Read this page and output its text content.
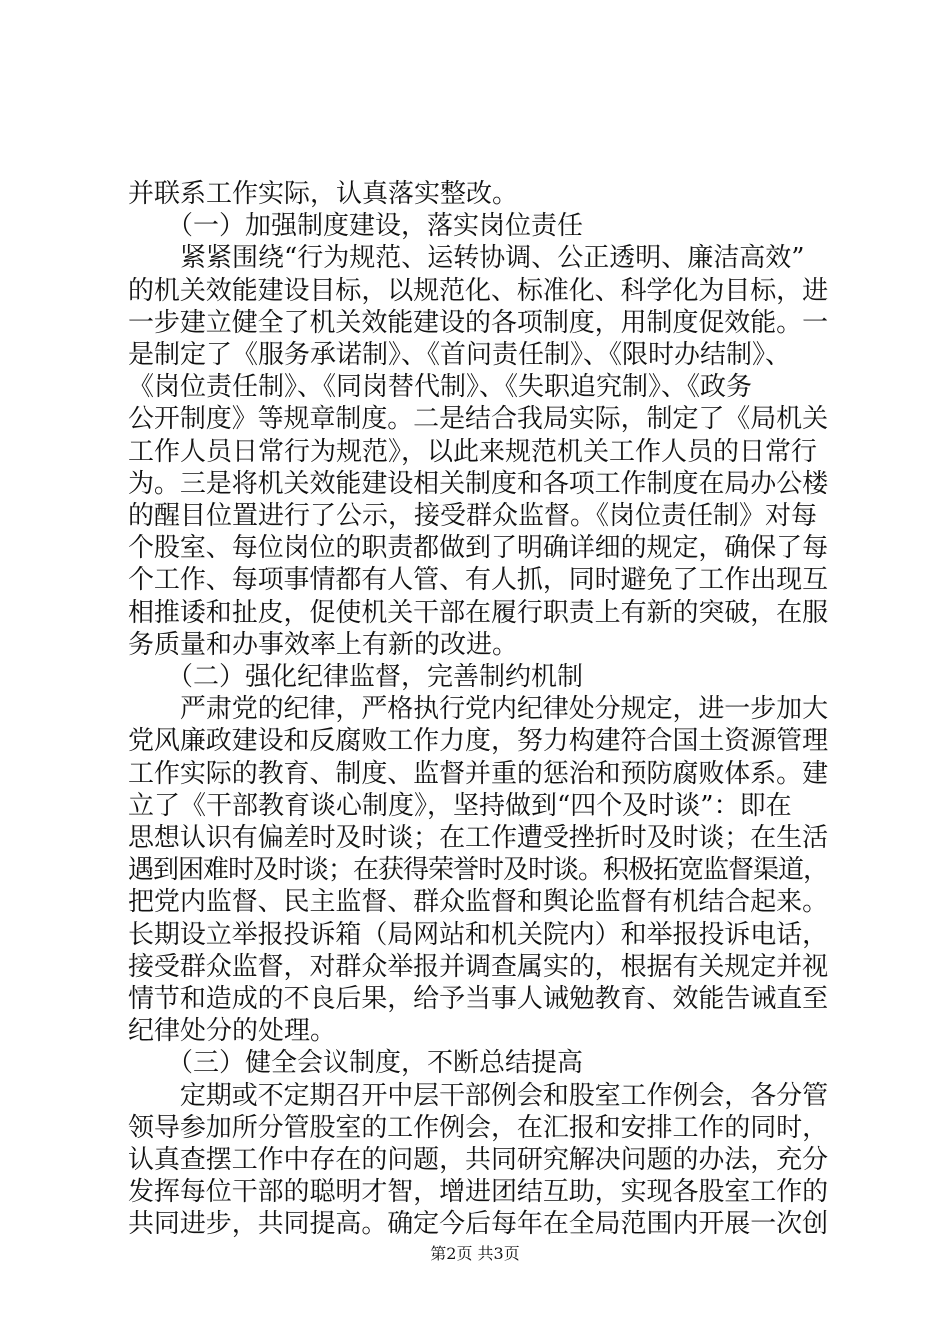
并联系工作实际，认真落实整改。
　　（一）加强制度建设，落实岗位责任
　　紧紧围绕“行为规范、运转协调、公正透明、廉洁高效”
的机关效能建设目标，以规范化、标准化、科学化为目标，进
一步建立健全了机关效能建设的各项制度，用制度促效能。一
是制定了《服务承诺制》、《首问责任制》、《限时办结制》、
《岗位责任制》、《同岗替代制》、《失职追究制》、《政务
公开制度》等规章制度。二是结合我局实际，制定了《局机关
工作人员日常行为规范》，以此来规范机关工作人员的日常行
为。三是将机关效能建设相关制度和各项工作制度在局办公楼
的醒目位置进行了公示，接受群众监督。《岗位责任制》对每
个股室、每位岗位的职责都做到了明确详细的规定，确保了每
个工作、每项事情都有人管、有人抓，同时避免了工作出现互
相推诿和扯皮，促使机关干部在履行职责上有新的突破，在服
务质量和办事效率上有新的改进。
　　（二）强化纪律监督，完善制约机制
　　严肃党的纪律，严格执行党内纪律处分规定，进一步加大
党风廉政建设和反腐败工作力度，努力构建符合国土资源管理
工作实际的教育、制度、监督并重的惩治和预防腐败体系。建
立了《干部教育谈心制度》，坚持做到“四个及时谈”：即在
思想认识有偏差时及时谈；在工作遭受挫折时及时谈；在生活
遇到困难时及时谈；在获得荣誉时及时谈。积极拓宽监督渠道，
把党内监督、民主监督、群众监督和舆论监督有机结合起来。
长期设立举报投诉箱（局网站和机关院内）和举报投诉电话，
接受群众监督，对群众举报并调查属实的，根据有关规定并视
情节和造成的不良后果，给予当事人诫勉教育、效能告诫直至
纪律处分的处理。
　　（三）健全会议制度，不断总结提高
　　定期或不定期召开中层干部例会和股室工作例会，各分管
领导参加所分管股室的工作例会，在汇报和安排工作的同时，
认真查摆工作中存在的问题，共同研究解决问题的办法，充分
发挥每位干部的聪明才智，增进团结互助，实现各股室工作的
共同进步，共同提高。确定今后每年在全局范围内开展一次创
第2页 共3页
